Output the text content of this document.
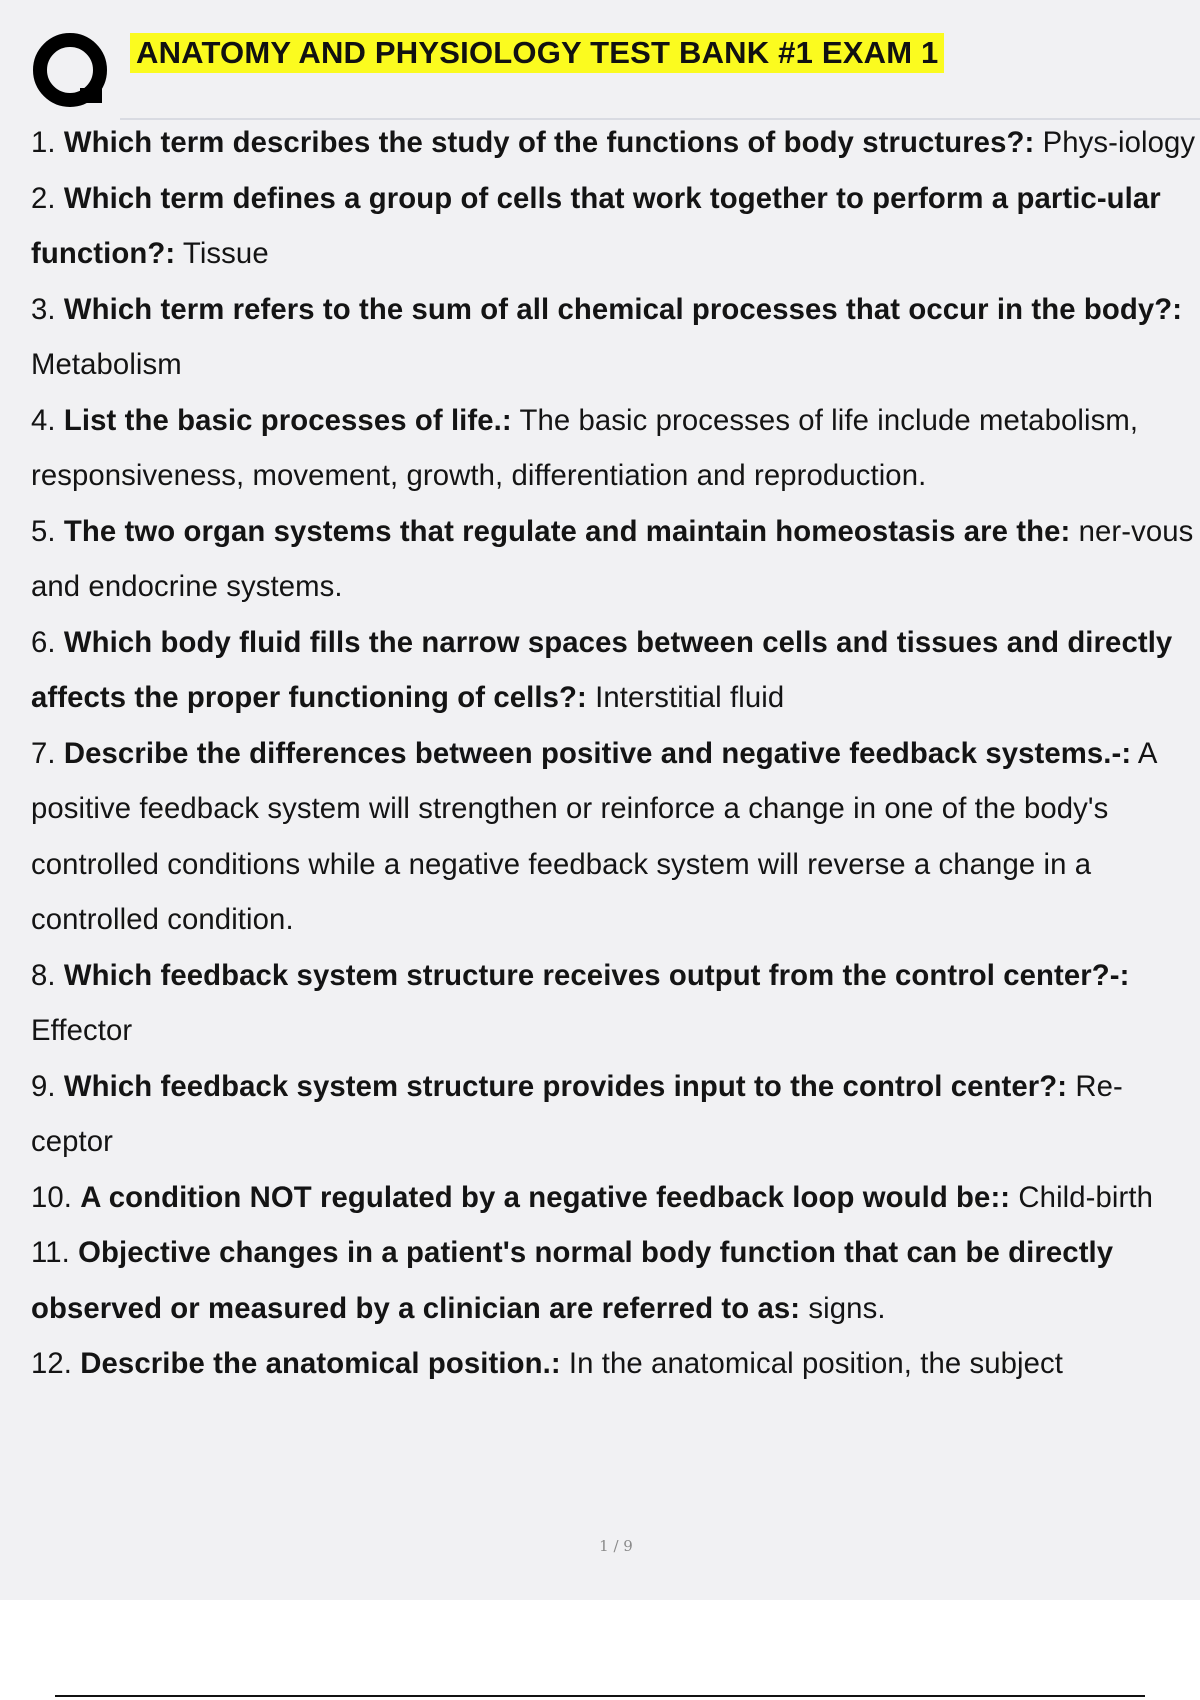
ANATOMY AND PHYSIOLOGY TEST BANK #1 EXAM 1
1. Which term describes the study of the functions of body structures?: Phys-iology
2. Which term defines a group of cells that work together to perform a partic-ular function?: Tissue
3. Which term refers to the sum of all chemical processes that occur in the body?: Metabolism
4. List the basic processes of life.: The basic processes of life include metabolism, responsiveness, movement, growth, differentiation and reproduction.
5. The two organ systems that regulate and maintain homeostasis are the: ner-vous and endocrine systems.
6. Which body fluid fills the narrow spaces between cells and tissues and directly affects the proper functioning of cells?: Interstitial fluid
7. Describe the differences between positive and negative feedback systems.-: A positive feedback system will strengthen or reinforce a change in one of the body's controlled conditions while a negative feedback system will reverse a change in a controlled condition.
8. Which feedback system structure receives output from the control center?-: Effector
9. Which feedback system structure provides input to the control center?: Re-ceptor
10. A condition NOT regulated by a negative feedback loop would be:: Child-birth
11. Objective changes in a patient's normal body function that can be directly observed or measured by a clinician are referred to as: signs.
12. Describe the anatomical position.: In the anatomical position, the subject
1 / 9
